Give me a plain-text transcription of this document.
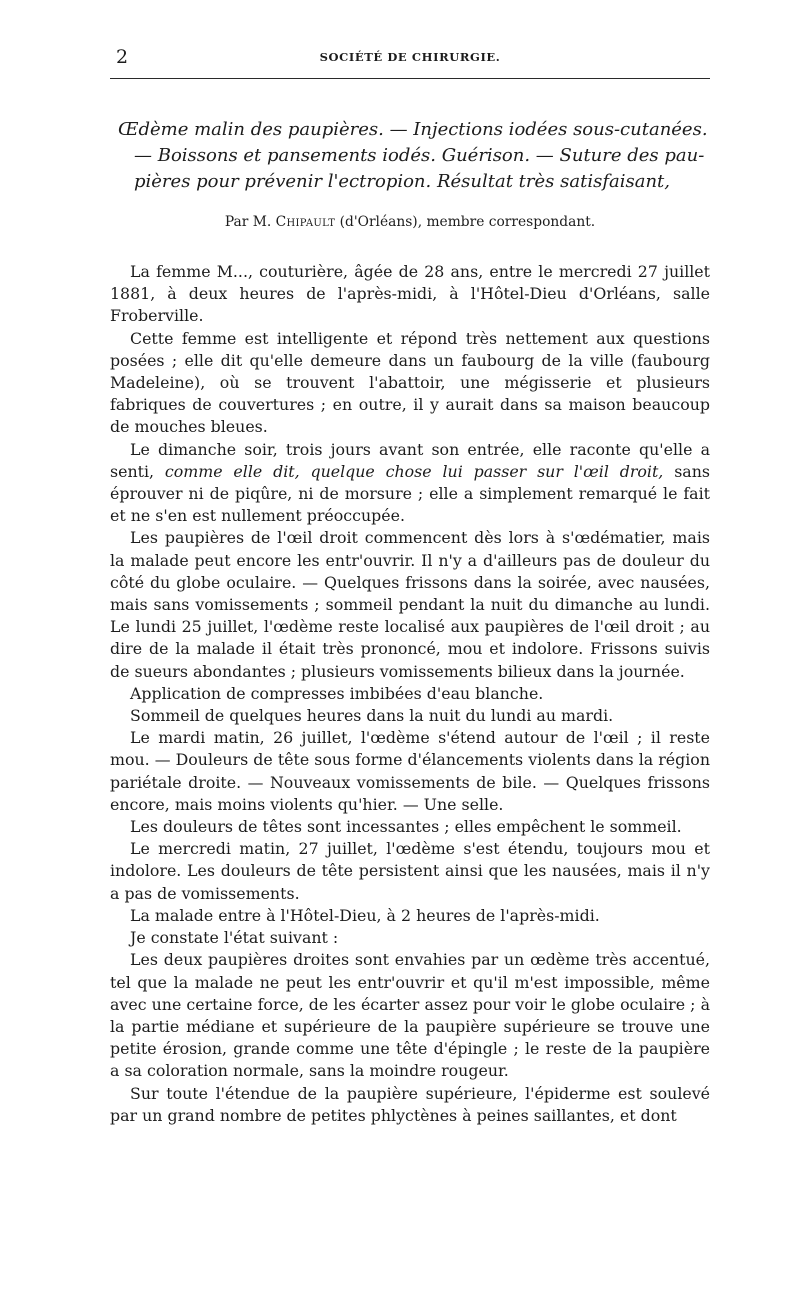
2	SOCIÉTÉ DE CHIRURGIE.
Œdème malin des paupières. — Injections iodées sous-cutanées.
— Boissons et pansements iodés. Guérison. — Suture des pau-
pières pour prévenir l'ectropion. Résultat très satisfaisant,
Par M. Chipault (d'Orléans), membre correspondant.

La femme M..., couturière, âgée de 28 ans, entre le mercredi 27 juillet 1881, à deux heures de l'après-midi, à l'Hôtel-Dieu d'Orléans, salle Froberville.

Cette femme est intelligente et répond très nettement aux questions posées ; elle dit qu'elle demeure dans un faubourg de la ville (faubourg Madeleine), où se trouvent l'abattoir, une mégisserie et plusieurs fabriques de couvertures ; en outre, il y aurait dans sa maison beaucoup de mouches bleues.

Le dimanche soir, trois jours avant son entrée, elle raconte qu'elle a senti, comme elle dit, quelque chose lui passer sur l'œil droit, sans éprouver ni de piqûre, ni de morsure ; elle a simplement remarqué le fait et ne s'en est nullement préoccupée.

Les paupières de l'œil droit commencent dès lors à s'œdématier, mais la malade peut encore les entr'ouvrir. Il n'y a d'ailleurs pas de douleur du côté du globe oculaire. — Quelques frissons dans la soirée, avec nausées, mais sans vomissements ; sommeil pendant la nuit du dimanche au lundi. Le lundi 25 juillet, l'œdème reste localisé aux paupières de l'œil droit ; au dire de la malade il était très prononcé, mou et indolore. Frissons suivis de sueurs abondantes ; plusieurs vomissements bilieux dans la journée.

Application de compresses imbibées d'eau blanche.

Sommeil de quelques heures dans la nuit du lundi au mardi.

Le mardi matin, 26 juillet, l'œdème s'étend autour de l'œil ; il reste mou. — Douleurs de tête sous forme d'élancements violents dans la région pariétale droite. — Nouveaux vomissements de bile. — Quelques frissons encore, mais moins violents qu'hier. — Une selle.

Les douleurs de têtes sont incessantes ; elles empêchent le sommeil.

Le mercredi matin, 27 juillet, l'œdème s'est étendu, toujours mou et indolore. Les douleurs de tête persistent ainsi que les nausées, mais il n'y a pas de vomissements.

La malade entre à l'Hôtel-Dieu, à 2 heures de l'après-midi.

Je constate l'état suivant :

Les deux paupières droites sont envahies par un œdème très accentué, tel que la malade ne peut les entr'ouvrir et qu'il m'est impossible, même avec une certaine force, de les écarter assez pour voir le globe oculaire ; à la partie médiane et supérieure de la paupière supérieure se trouve une petite érosion, grande comme une tête d'épingle ; le reste de la paupière a sa coloration normale, sans la moindre rougeur.

Sur toute l'étendue de la paupière supérieure, l'épiderme est soulevé par un grand nombre de petites phlyctènes à peines saillantes, et dont
